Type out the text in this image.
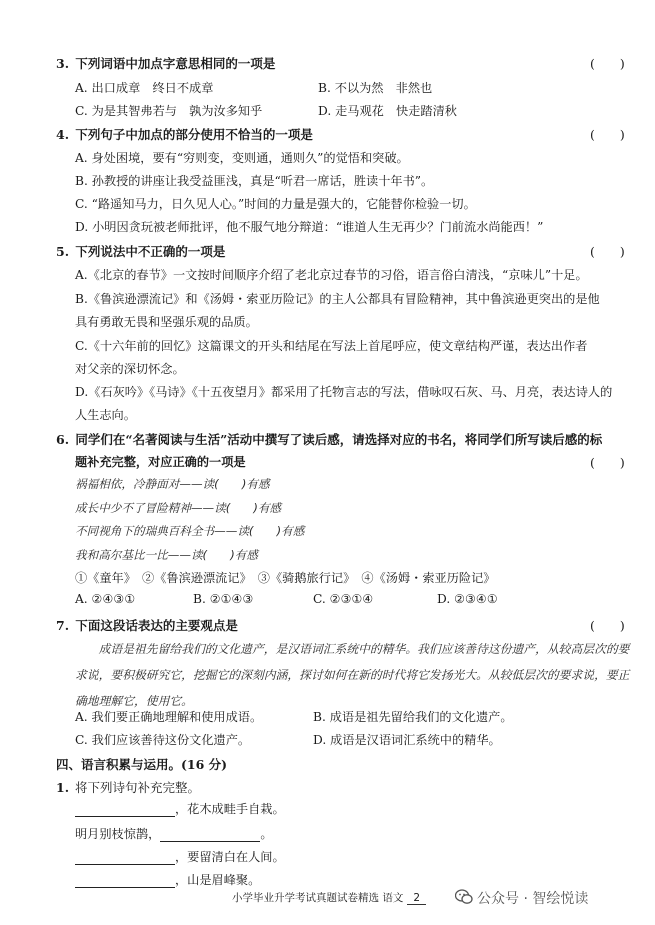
3. 下列词语中加点字意思相同的一项是	(　　)
A. 出口成章　终日不成章	B. 不以为然　非然也
C. 为是其智弗若与　孰为汝多知乎	D. 走马观花　快走踏清秋
4. 下列句子中加点的部分使用不恰当的一项是	(　　)
A. 身处困境，要有“穷则变，变则通，通则久”的觉悟和突破。
B. 孙教授的讲座让我受益匪浅，真是“听君一席话，胜读十年书”。
C. “路遥知马力，日久见人心。”时间的力量是强大的，它能替你检验一切。
D. 小明因贪玩被老师批评，他不服气地分辩道：“谁道人生无再少？门前流水尚能西！”
5. 下列说法中不正确的一项是	(　　)
A.《北京的春节》一文按时间顺序介绍了老北京过春节的习俗，语言俗白清浅，“京味儿”十足。
B.《鲁滨逊漂流记》和《汤姆・索亚历险记》的主人公都具有冒险精神，其中鲁滨逊更突出的是他
具有勇敢无畏和坚强乐观的品质。
C.《十六年前的回忆》这篇课文的开头和结尾在写法上首尾呼应，使文章结构严谨，表达出作者
对父亲的深切怀念。
D.《石灰吟》《马诗》《十五夜望月》都采用了托物言志的写法，借咏叹石灰、马、月亮，表达诗人的
人生志向。
6. 同学们在“名著阅读与生活”活动中撰写了读后感，请选择对应的书名，将同学们所写读后感的标
题补充完整，对应正确的一项是	(　　)
祸福相依，冷静面对——读(　　)有感
成长中少不了冒险精神——读(　　)有感
不同视角下的瑞典百科全书——读(　　)有感
我和高尔基比一比——读(　　)有感
①《童年》　②《鲁滨逊漂流记》　③《骑鹅旅行记》　④《汤姆・索亚历险记》
A. ②④③①	B. ②①④③	C. ②③①④	D. ②③④①
7. 下面这段话表达的主要观点是	(　　)
成语是祖先留给我们的文化遗产，是汉语词汇系统中的精华。我们应该善待这份遗产，从较高层次的要求说，要积极研究它，挖掘它的深刻内涵，探讨如何在新的时代将它发扬光大。从较低层次的要求说，要正确地理解它，使用它。
A. 我们要正确地理解和使用成语。	B. 成语是祖先留给我们的文化遗产。
C. 我们应该善待这份文化遗产。	D. 成语是汉语词汇系统中的精华。
四、语言积累与运用。(16 分)
1. 将下列诗句补充完整。
，花木成畦手自栽。
明月别枝惊鹊，	。
，要留清白在人间。
，山是眉峰聚。
小学毕业升学考试真题试卷精选 语文 2	公众号 · 智绘悦读
